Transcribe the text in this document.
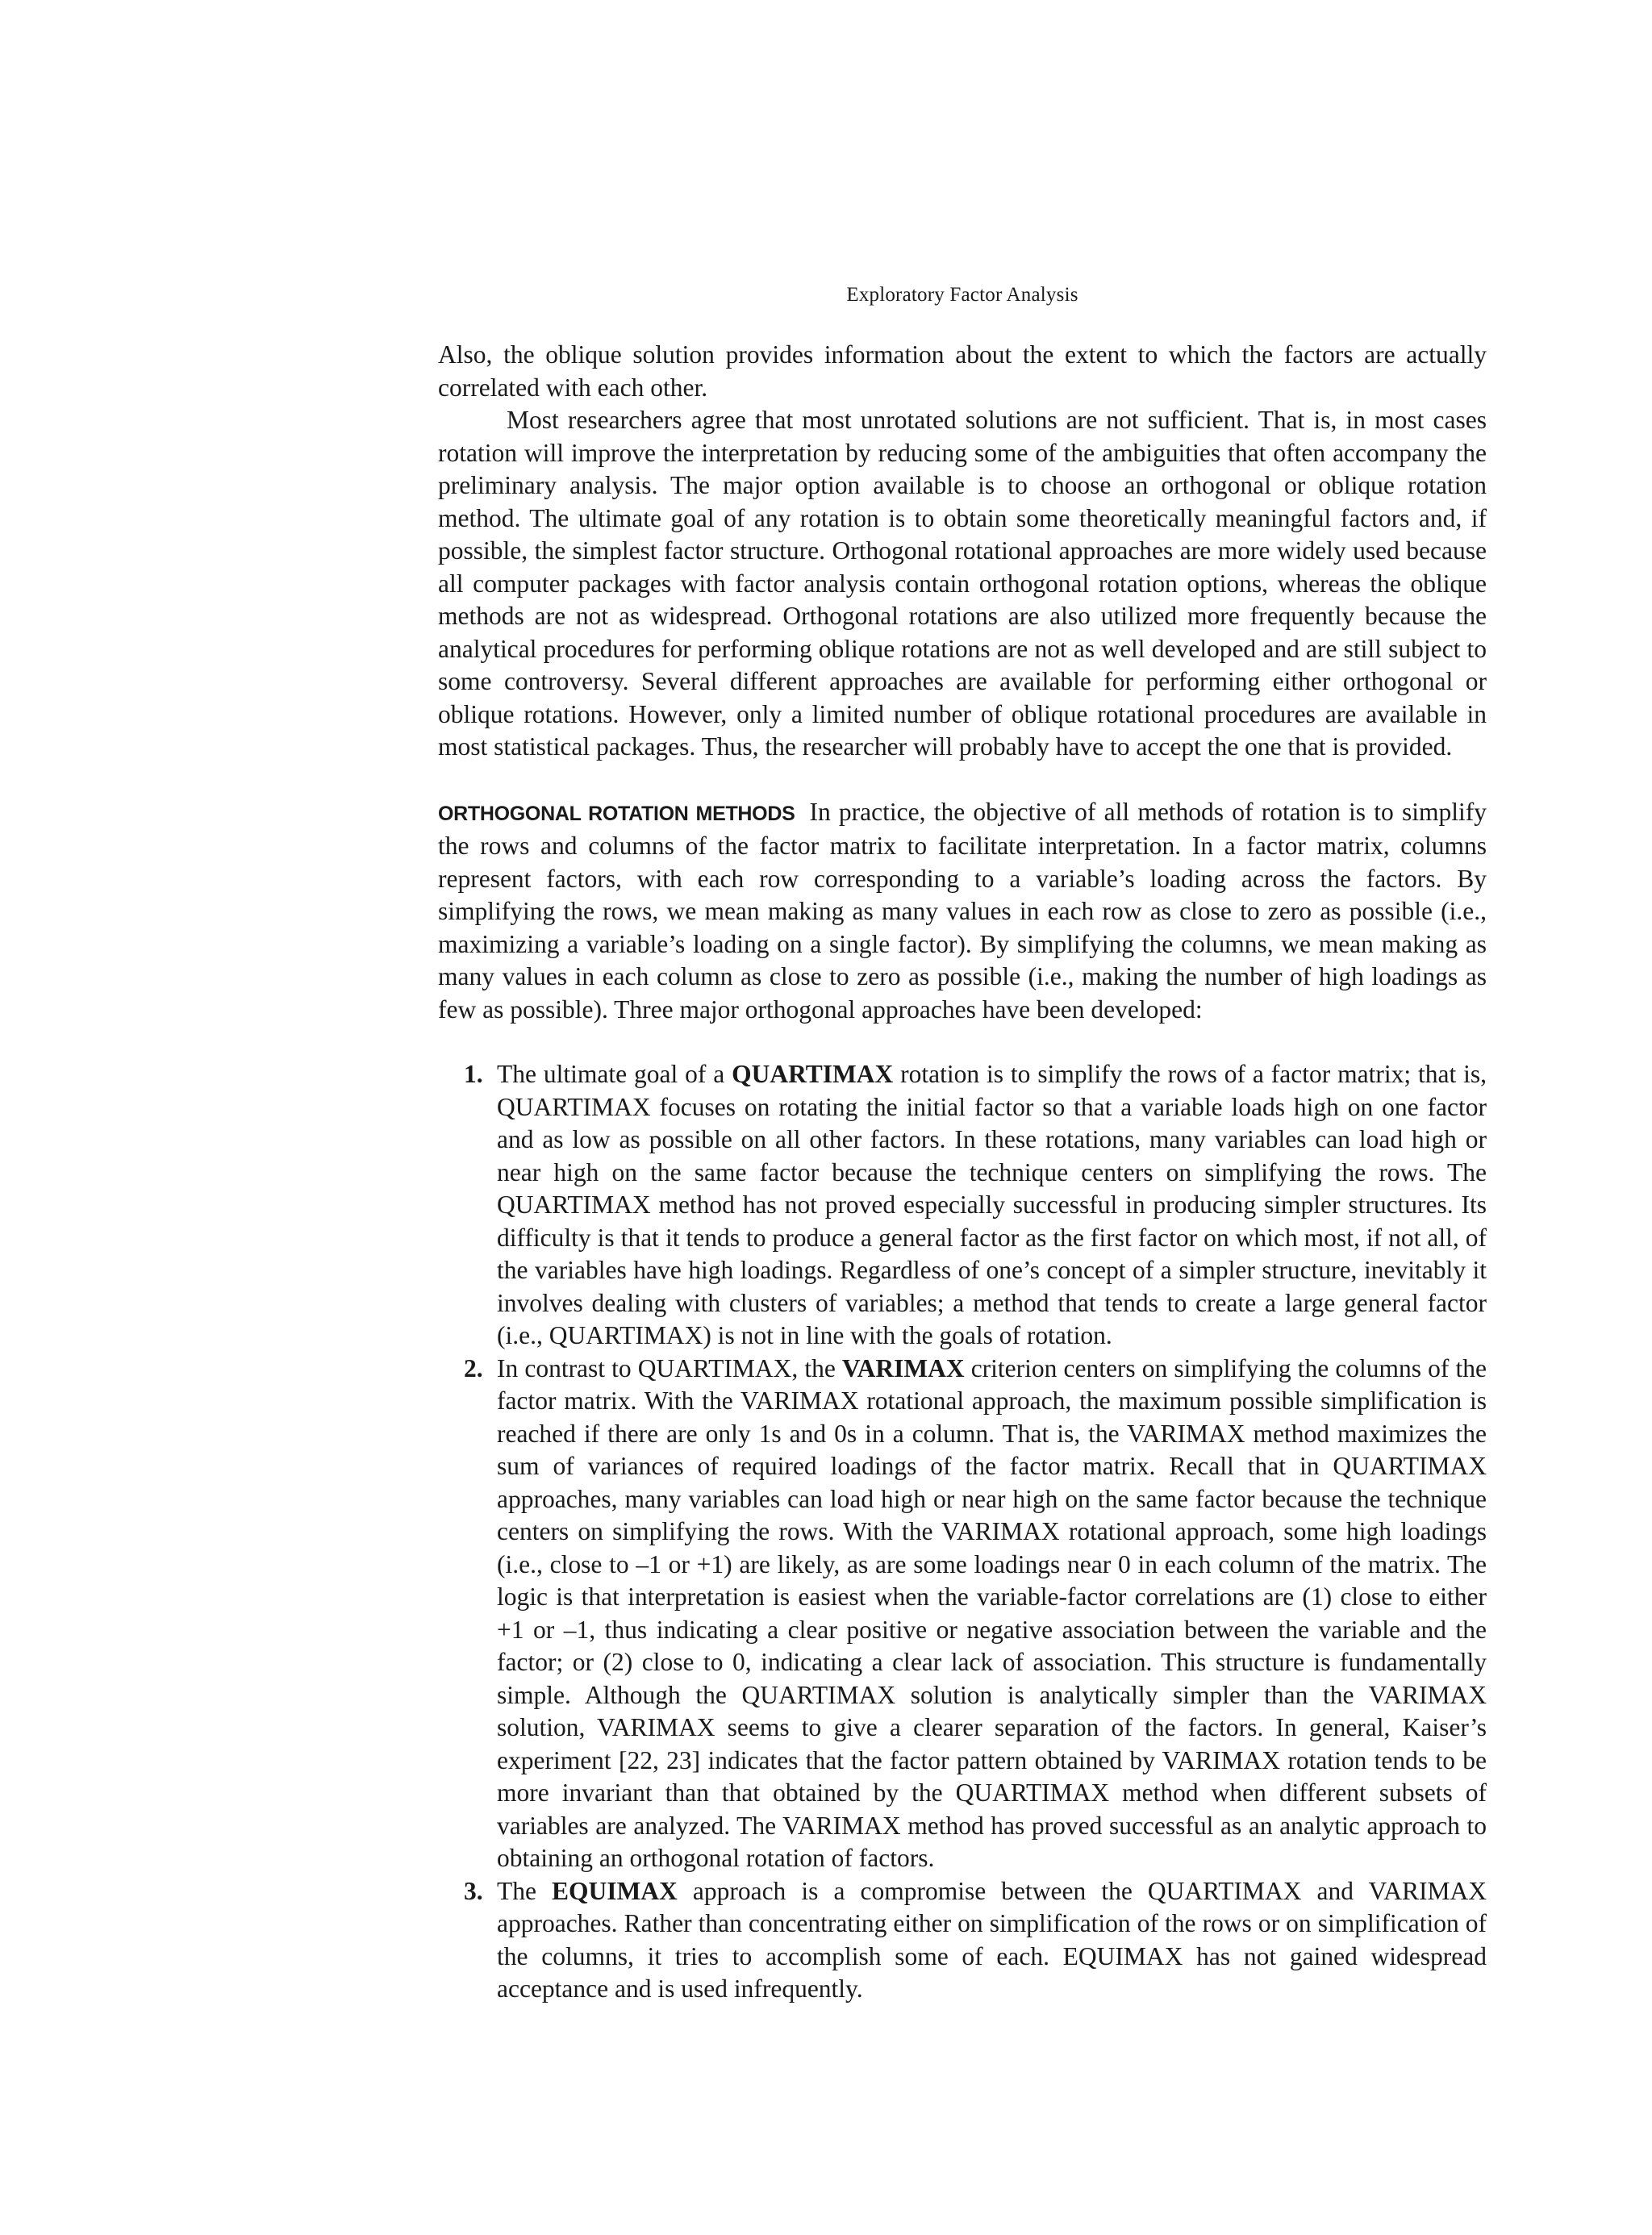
Exploratory Factor Analysis

Also, the oblique solution provides information about the extent to which the factors are actually correlated with each other.

Most researchers agree that most unrotated solutions are not sufficient. That is, in most cases rotation will improve the interpretation by reducing some of the ambiguities that often accompany the preliminary analysis. The major option available is to choose an orthogonal or oblique rotation method. The ultimate goal of any rotation is to obtain some theoretically meaningful factors and, if possible, the simplest factor structure. Orthogonal rotational approaches are more widely used because all computer packages with factor analysis contain orthogonal rotation options, whereas the oblique methods are not as widespread. Orthogonal rotations are also utilized more frequently because the analytical procedures for performing oblique rotations are not as well developed and are still subject to some controversy. Several different approaches are available for performing either orthogonal or oblique rotations. However, only a limited number of oblique rotational procedures are available in most statistical packages. Thus, the researcher will probably have to accept the one that is provided.

ORTHOGONAL ROTATION METHODS In practice, the objective of all methods of rotation is to simplify the rows and columns of the factor matrix to facilitate interpretation. In a factor matrix, columns represent factors, with each row corresponding to a variable’s loading across the factors. By simplifying the rows, we mean making as many values in each row as close to zero as possible (i.e., maximizing a variable’s loading on a single factor). By simplifying the columns, we mean making as many values in each column as close to zero as possible (i.e., making the number of high loadings as few as possible). Three major orthogonal approaches have been developed:

1. The ultimate goal of a QUARTIMAX rotation is to simplify the rows of a factor matrix; that is, QUARTIMAX focuses on rotating the initial factor so that a variable loads high on one factor and as low as possible on all other factors. In these rotations, many variables can load high or near high on the same factor because the technique centers on simplifying the rows. The QUARTIMAX method has not proved especially successful in producing simpler structures. Its difficulty is that it tends to produce a general factor as the first factor on which most, if not all, of the variables have high loadings. Regardless of one’s concept of a simpler structure, inevitably it involves dealing with clusters of variables; a method that tends to create a large general factor (i.e., QUARTIMAX) is not in line with the goals of rotation.
2. In contrast to QUARTIMAX, the VARIMAX criterion centers on simplifying the columns of the factor matrix. With the VARIMAX rotational approach, the maximum possible simplification is reached if there are only 1s and 0s in a column. That is, the VARIMAX method maximizes the sum of variances of required loadings of the factor matrix. Recall that in QUARTIMAX approaches, many variables can load high or near high on the same factor because the technique centers on simplifying the rows. With the VARIMAX rotational approach, some high loadings (i.e., close to –1 or +1) are likely, as are some loadings near 0 in each column of the matrix. The logic is that interpretation is easiest when the variable-factor correlations are (1) close to either +1 or –1, thus indicating a clear positive or negative association between the variable and the factor; or (2) close to 0, indicating a clear lack of association. This structure is fundamentally simple. Although the QUARTIMAX solution is analytically simpler than the VARIMAX solution, VARIMAX seems to give a clearer separation of the factors. In general, Kaiser’s experiment [22, 23] indicates that the factor pattern obtained by VARIMAX rotation tends to be more invariant than that obtained by the QUARTIMAX method when different subsets of variables are analyzed. The VARIMAX method has proved successful as an analytic approach to obtaining an orthogonal rotation of factors.
3. The EQUIMAX approach is a compromise between the QUARTIMAX and VARIMAX approaches. Rather than concentrating either on simplification of the rows or on simplification of the columns, it tries to accomplish some of each. EQUIMAX has not gained widespread acceptance and is used infrequently.
